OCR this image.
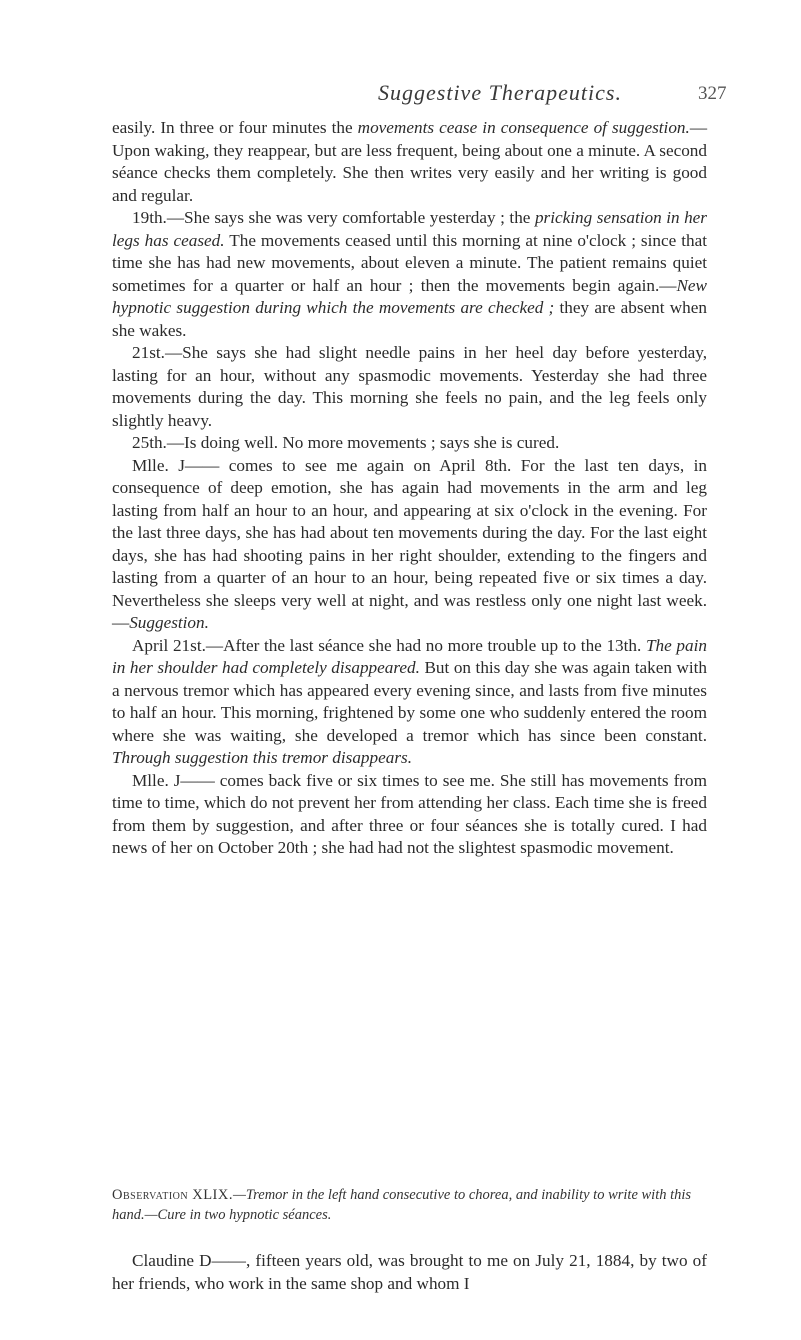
Suggestive Therapeutics.	327

easily. In three or four minutes the movements cease in consequence of suggestion.—Upon waking, they reappear, but are less frequent, being about one a minute. A second séance checks them completely. She then writes very easily and her writing is good and regular.

19th.—She says she was very comfortable yesterday ; the pricking sensation in her legs has ceased. The movements ceased until this morning at nine o'clock ; since that time she has had new movements, about eleven a minute. The patient remains quiet sometimes for a quarter or half an hour ; then the movements begin again.—New hypnotic suggestion during which the movements are checked ; they are absent when she wakes.

21st.—She says she had slight needle pains in her heel day before yesterday, lasting for an hour, without any spasmodic movements. Yesterday she had three movements during the day. This morning she feels no pain, and the leg feels only slightly heavy.

25th.—Is doing well. No more movements ; says she is cured.

Mlle. J—— comes to see me again on April 8th. For the last ten days, in consequence of deep emotion, she has again had movements in the arm and leg lasting from half an hour to an hour, and appearing at six o'clock in the evening. For the last three days, she has had about ten movements during the day. For the last eight days, she has had shooting pains in her right shoulder, extending to the fingers and lasting from a quarter of an hour to an hour, being repeated five or six times a day. Nevertheless she sleeps very well at night, and was restless only one night last week.—Suggestion.

April 21st.—After the last séance she had no more trouble up to the 13th. The pain in her shoulder had completely disappeared. But on this day she was again taken with a nervous tremor which has appeared every evening since, and lasts from five minutes to half an hour. This morning, frightened by some one who suddenly entered the room where she was waiting, she developed a tremor which has since been constant. Through suggestion this tremor disappears.

Mlle. J—— comes back five or six times to see me. She still has movements from time to time, which do not prevent her from attending her class. Each time she is freed from them by suggestion, and after three or four séances she is totally cured. I had news of her on October 20th ; she had had not the slightest spasmodic movement.

Observation XLIX.—Tremor in the left hand consecutive to chorea, and inability to write with this hand.—Cure in two hypnotic séances.

Claudine D——, fifteen years old, was brought to me on July 21, 1884, by two of her friends, who work in the same shop and whom I
